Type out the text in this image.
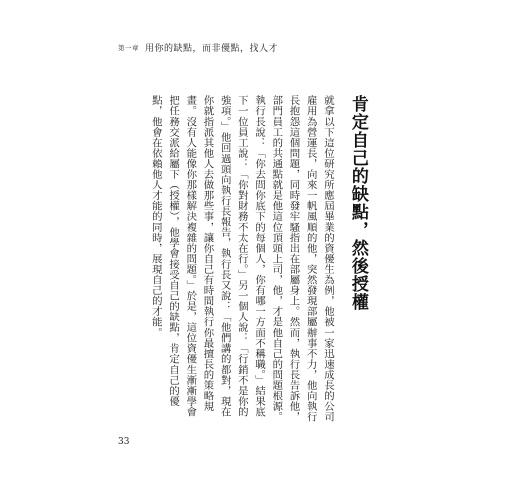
第一章 用你的缺點，而非優點，找人才
肯定自己的缺點，然後授權

就拿以下這位研究所應屆畢業的資優生為例，他被一家迅速成長的公司雇用為營運長，向來一帆風順的他，突然發現部屬辦事不力，他向執行長抱怨這個問題，同時發牢騷指出在部屬身上。然而，執行長告訴他，部門員工的共通點就是他這位頂頭上司，他，才是他自己的問題根源。

執行長說：「你去問你底下的每個人，你有哪一方面不稱職。」結果底下一位員工說：「你對財務不太在行。」另一個人說：「行銷不是你的強項。」他回過頭向執行長報告，執行長又說：「他們講的都對，現在你就指派其他人去做那些事，讓你自己有時間執行你最擅長的策略規畫。沒有人能像你那樣解決複雜的問題。」於是，這位資優生漸漸學會把任務交派給屬下（授權），他學會接受自己的缺點，肯定自己的優點，他會在依賴他人才能的同時，展現自己的才能。

33
